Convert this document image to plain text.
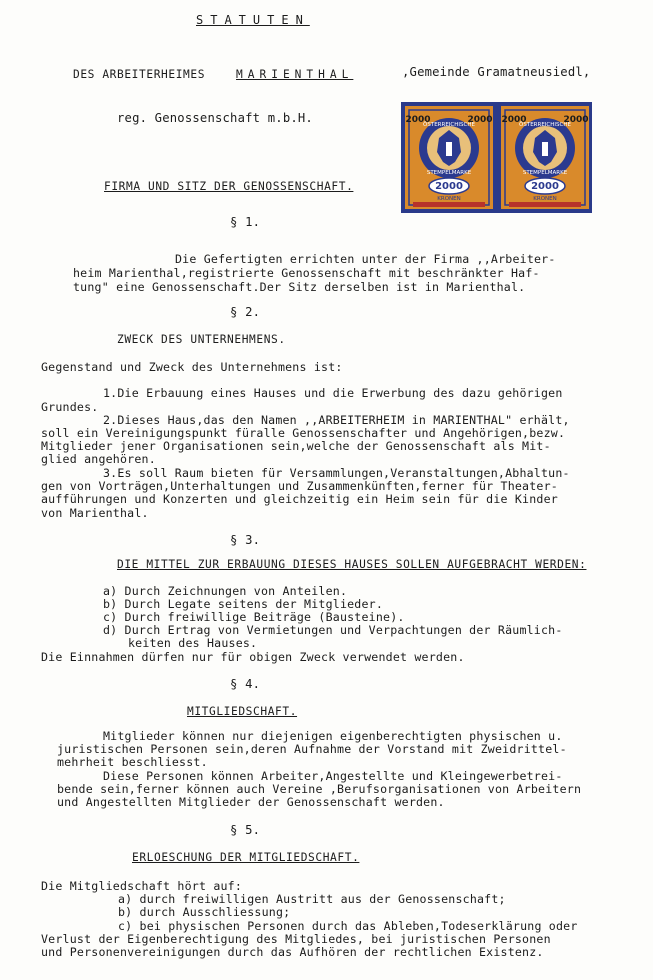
STATUTEN
DES ARBEITERHEIMES	MARIENTHAL	,Gemeinde Gramatneusiedl,
reg. Genossenschaft m.b.H.
2000
2000	2000
ÖSTERREICHISCHE
STEMPELMARKE
KRONEN
2000
2000	2000
ÖSTERREICHISCHE
STEMPELMARKE
KRONEN
FIRMA UND SITZ DER GENOSSENSCHAFT.
§ 1.
Die Gefertigten errichten unter der Firma ,,Arbeiter-
heim Marienthal,registrierte Genossenschaft mit beschränkter Haf-
tung" eine Genossenschaft.Der Sitz derselben ist in Marienthal.
§ 2.
ZWECK DES UNTERNEHMENS.
Gegenstand und Zweck des Unternehmens ist:
1.Die Erbauung eines Hauses und die Erwerbung des dazu gehörigen
Grundes.
2.Dieses Haus,das den Namen ,,ARBEITERHEIM in MARIENTHAL" erhält,
soll ein Vereinigungspunkt füralle Genossenschafter und Angehörigen,bezw.
Mitglieder jener Organisationen sein,welche der Genossenschaft als Mit-
glied angehören.
3.Es soll Raum bieten für Versammlungen,Veranstaltungen,Abhaltun-
gen von Vorträgen,Unterhaltungen und Zusammenkünften,ferner für Theater-
aufführungen und Konzerten und gleichzeitig ein Heim sein für die Kinder
von Marienthal.
§ 3.
DIE MITTEL ZUR ERBAUUNG DIESES HAUSES SOLLEN AUFGEBRACHT WERDEN:
a) Durch Zeichnungen von Anteilen.
b) Durch Legate seitens der Mitglieder.
c) Durch freiwillige Beiträge (Bausteine).
d) Durch Ertrag von Vermietungen und Verpachtungen der Räumlich-
keiten des Hauses.
Die Einnahmen dürfen nur für obigen Zweck verwendet werden.
§ 4.
MITGLIEDSCHAFT.
Mitglieder können nur diejenigen eigenberechtigten physischen u.
juristischen Personen sein,deren Aufnahme der Vorstand mit Zweidrittel-
mehrheit beschliesst.
Diese Personen können Arbeiter,Angestellte und Kleingewerbetrei-
bende sein,ferner können auch Vereine ,Berufsorganisationen von Arbeitern
und Angestellten Mitglieder der Genossenschaft werden.
§ 5.
ERLOESCHUNG DER MITGLIEDSCHAFT.
Die Mitgliedschaft hört auf:
a) durch freiwilligen Austritt aus der Genossenschaft;
b) durch Ausschliessung;
c) bei physischen Personen durch das Ableben,Todeserklärung oder
Verlust der Eigenberechtigung des Mitgliedes, bei juristischen Personen
und Personenvereinigungen durch das Aufhören der rechtlichen Existenz.
